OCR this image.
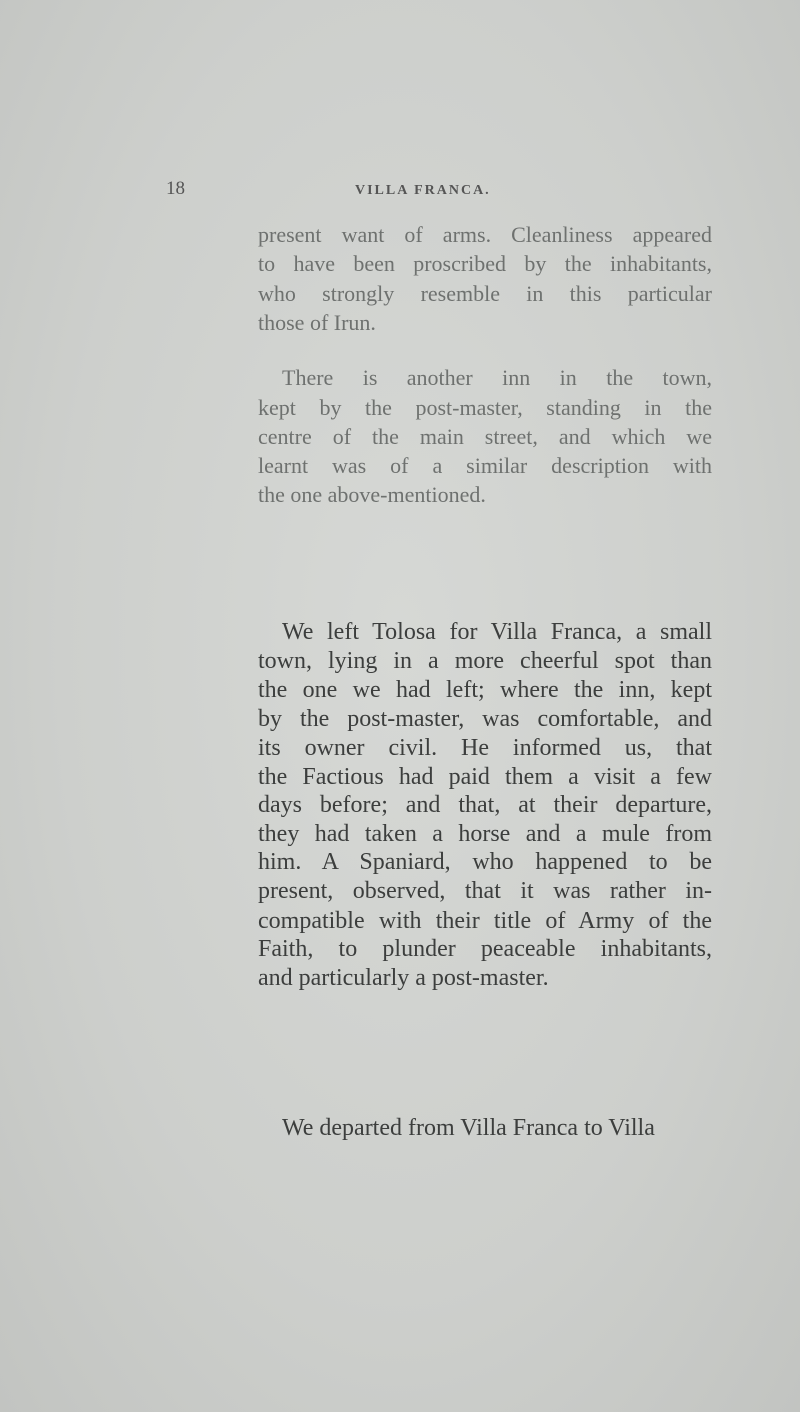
18	VILLA FRANCA.
present want of arms. Cleanliness appeared
to have been proscribed by the inhabitants,
who strongly resemble in this particular
those of Irun.
There is another inn in the town,
kept by the post-master, standing in the
centre of the main street, and which we
learnt was of a similar description with
the one above-mentioned.
We left Tolosa for Villa Franca, a small
town, lying in a more cheerful spot than
the one we had left; where the inn, kept
by the post-master, was comfortable, and
its owner civil. He informed us, that
the Factious had paid them a visit a few
days before; and that, at their departure,
they had taken a horse and a mule from
him. A Spaniard, who happened to be
present, observed, that it was rather in-
compatible with their title of Army of the
Faith, to plunder peaceable inhabitants,
and particularly a post-master.
We departed from Villa Franca to Villa
